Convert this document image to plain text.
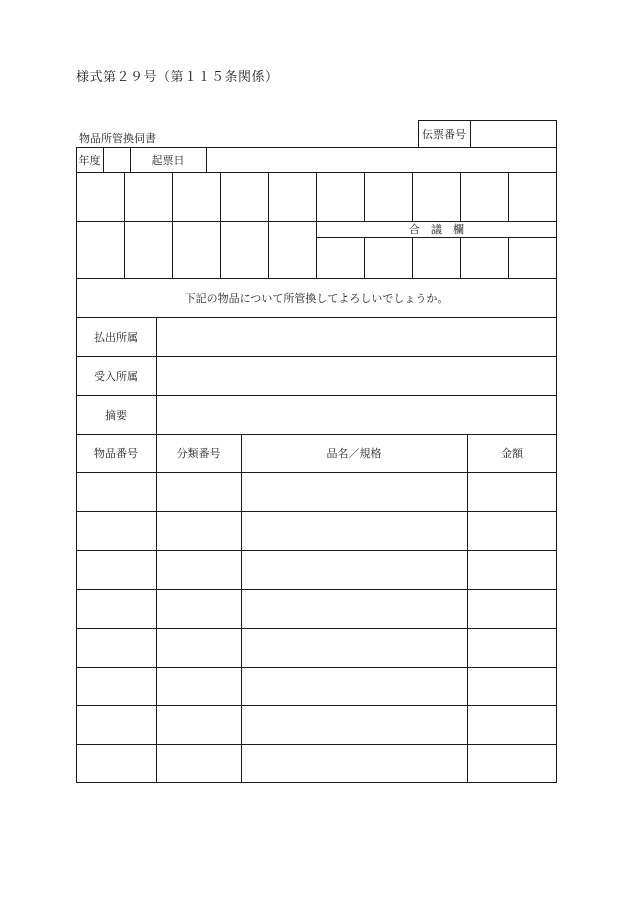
様式第２９号（第１１５条関係）
物品所管換伺書	伝票番号
年度	起票日
合　議　欄
下記の物品について所管換してよろしいでしょうか。
払出所属
受入所属
摘要
物品番号	分類番号	品名／規格	金額
